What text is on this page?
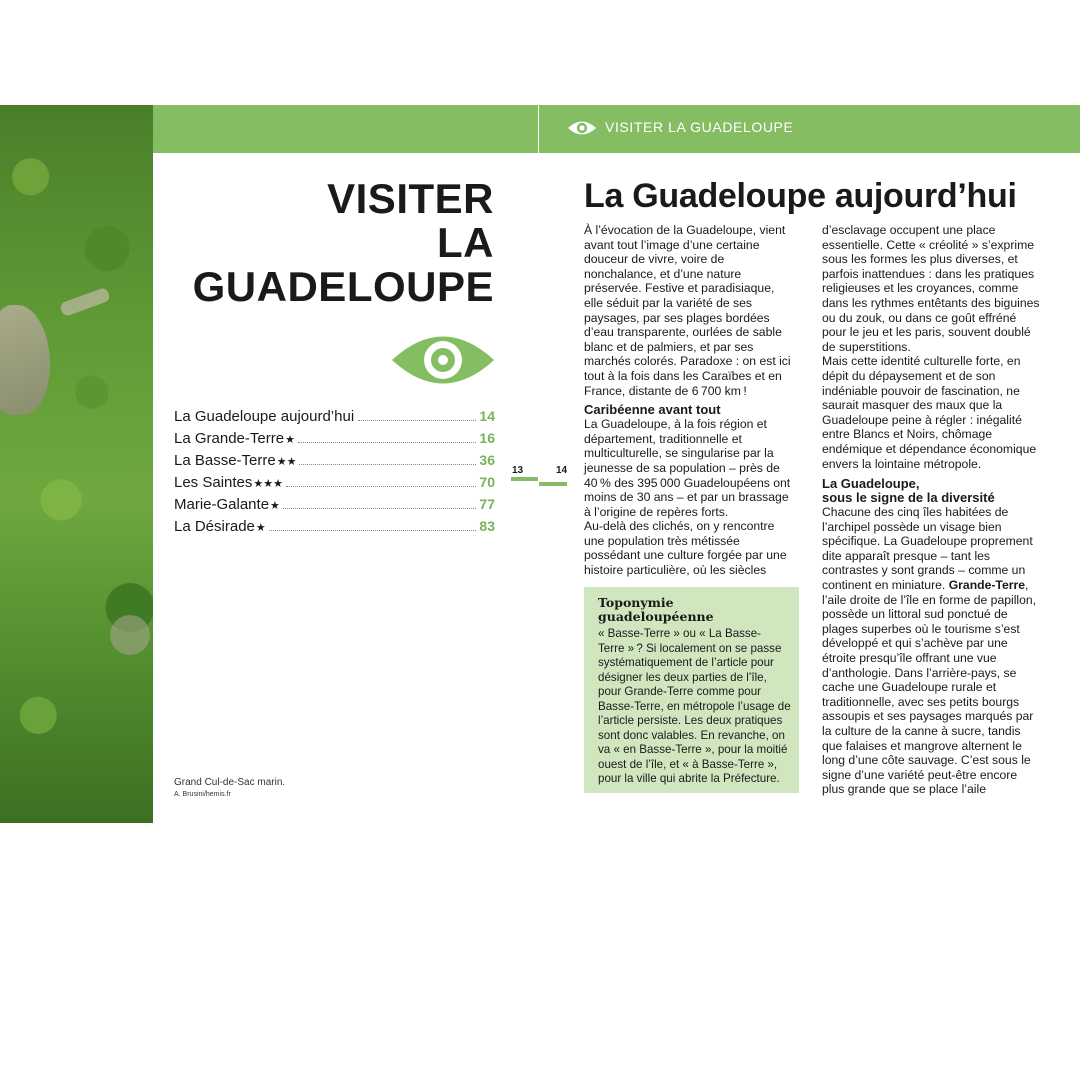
VISITER LA GUADELOUPE
VISITER
LA
GUADELOUPE
La Guadeloupe aujourd’hui	14
La Grande-Terre ★	16
La Basse-Terre ★★	36
Les Saintes ★★★	70
Marie-Galante ★	77
La Désirade ★	83
Grand Cul-de-Sac marin.
A. Brusini/hemis.fr
13	14
La Guadeloupe aujourd’hui

À l’évocation de la Guadeloupe, vient avant tout l’image d’une certaine douceur de vivre, voire de nonchalance, et d’une nature préservée. Festive et paradisiaque, elle séduit par la variété de ses paysages, par ses plages bordées d’eau transparente, ourlées de sable blanc et de palmiers, et par ses marchés colorés. Paradoxe : on est ici tout à la fois dans les Caraïbes et en France, distante de 6 700 km !

Caribéenne avant tout

La Guadeloupe, à la fois région et département, traditionnelle et multiculturelle, se singularise par la jeunesse de sa population – près de 40 % des 395 000 Guadeloupéens ont moins de 30 ans – et par un brassage à l’origine de repères forts.

Au-delà des clichés, on y rencontre une population très métissée possédant une culture forgée par une histoire particulière, où les siècles

Toponymie guadeloupéenne
« Basse-Terre » ou « La Basse-Terre » ? Si localement on se passe systématiquement de l’article pour désigner les deux parties de l’île, pour Grande-Terre comme pour Basse-Terre, en métropole l’usage de l’article persiste. Les deux pratiques sont donc valables. En revanche, on va « en Basse-Terre », pour la moitié ouest de l’île, et « à Basse-Terre », pour la ville qui abrite la Préfecture.

d’esclavage occupent une place essentielle. Cette « créolité » s’exprime sous les formes les plus diverses, et parfois inattendues : dans les pratiques religieuses et les croyances, comme dans les rythmes entêtants des biguines ou du zouk, ou dans ce goût effréné pour le jeu et les paris, souvent doublé de superstitions.

Mais cette identité culturelle forte, en dépit du dépaysement et de son indéniable pouvoir de fascination, ne saurait masquer des maux que la Guadeloupe peine à régler : inégalité entre Blancs et Noirs, chômage endémique et dépendance économique envers la lointaine métropole.

La Guadeloupe,
sous le signe de la diversité

Chacune des cinq îles habitées de l’archipel possède un visage bien spécifique. La Guadeloupe proprement dite apparaît presque – tant les contrastes y sont grands – comme un continent en miniature. Grande-Terre, l’aile droite de l’île en forme de papillon, possède un littoral sud ponctué de plages superbes où le tourisme s’est développé et qui s’achève par une étroite presqu’île offrant une vue d’anthologie. Dans l’arrière-pays, se cache une Guadeloupe rurale et traditionnelle, avec ses petits bourgs assoupis et ses paysages marqués par la culture de la canne à sucre, tandis que falaises et mangrove alternent le long d’une côte sauvage. C’est sous le signe d’une variété peut-être encore plus grande que se place l’aile
